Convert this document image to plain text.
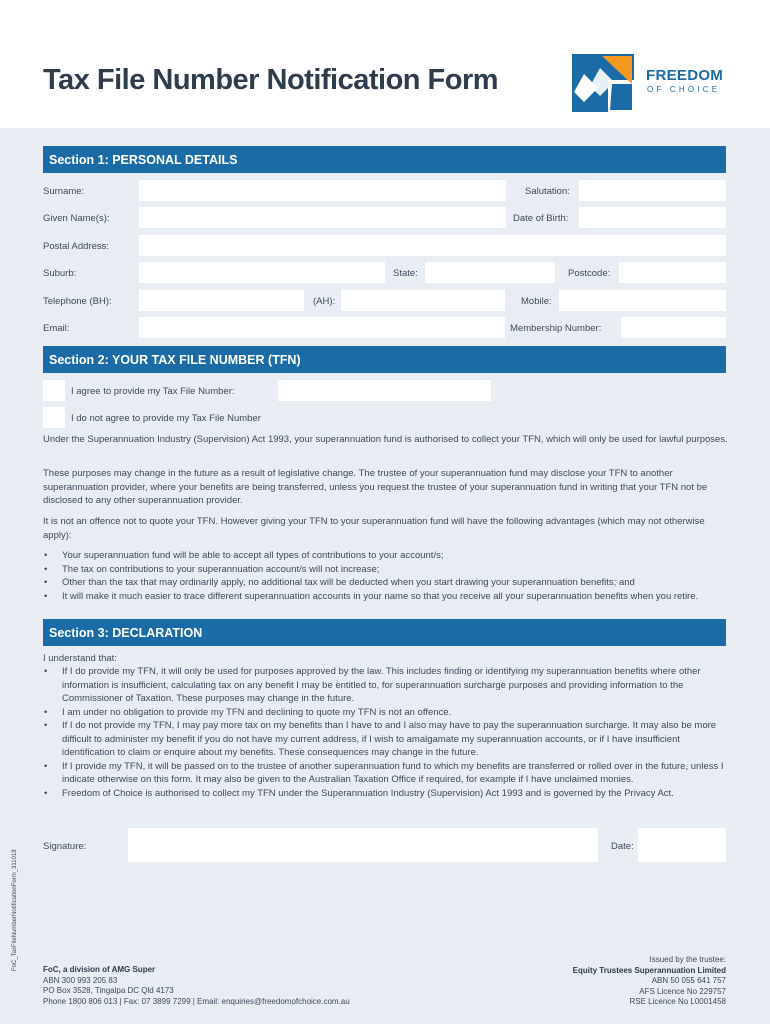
Tax File Number Notification Form	FREEDOM
OF CHOICE
Section 1: PERSONAL DETAILS
Surname:	Salutation:
Given Name(s):	Date of Birth:
Postal Address:
Suburb:	State:	Postcode:
Telephone (BH):	(AH):	Mobile:
Email:	Membership Number:
Section 2: YOUR TAX FILE NUMBER (TFN)
I agree to provide my Tax File Number:
I do not agree to provide my Tax File Number
Under the Superannuation Industry (Supervision) Act 1993, your superannuation fund is authorised to collect your TFN, which will only be used for lawful purposes.
These purposes may change in the future as a result of legislative change. The trustee of your superannuation fund may disclose your TFN to another superannuation provider, where your benefits are being transferred, unless you request the trustee of your superannuation fund in writing that your TFN not be disclosed to any other superannuation provider.
It is not an offence not to quote your TFN. However giving your TFN to your superannuation fund will have the following advantages (which may not otherwise apply):
• Your superannuation fund will be able to accept all types of contributions to your account/s;
• The tax on contributions to your superannuation account/s will not increase;
• Other than the tax that may ordinarily apply, no additional tax will be deducted when you start drawing your superannuation benefits; and
• It will make it much easier to trace different superannuation accounts in your name so that you receive all your superannuation benefits when you retire.
Section 3: DECLARATION
I understand that:
• If I do provide my TFN, it will only be used for purposes approved by the law. This includes finding or identifying my superannuation benefits where other information is insufficient, calculating tax on any benefit I may be entitled to, for superannuation surcharge purposes and providing information to the Commissioner of Taxation. These purposes may change in the future.
• I am under no obligation to provide my TFN and declining to quote my TFN is not an offence.
• If I do not provide my TFN, I may pay more tax on my benefits than I have to and I also may have to pay the superannuation surcharge. It may also be more difficult to administer my benefit if you do not have my current address, if I wish to amalgamate my superannuation accounts, or if I have insufficient identification to claim or enquire about my benefits. These consequences may change in the future.
• If I provide my TFN, it will be passed on to the trustee of another superannuation fund to which my benefits are transferred or rolled over in the future, unless I indicate otherwise on this form. It may also be given to the Australian Taxation Office if required, for example if I have unclaimed monies.
• Freedom of Choice is authorised to collect my TFN under the Superannuation Industry (Supervision) Act 1993 and is governed by the Privacy Act.
Signature:	Date:
FoC_TaxFileNumberNotificationForm_311018	FoC, a division of AMG Super
ABN 300 993 205 83
PO Box 3528, Tingalpa DC Qld 4173
Phone 1800 806 013 | Fax: 07 3899 7299 | Email: enquiries@freedomofchoice.com.au
Issued by the trustee:
Equity Trustees Superannuation Limited
ABN 50 055 641 757
AFS Licence No 229757
RSE Licence No L0001458
